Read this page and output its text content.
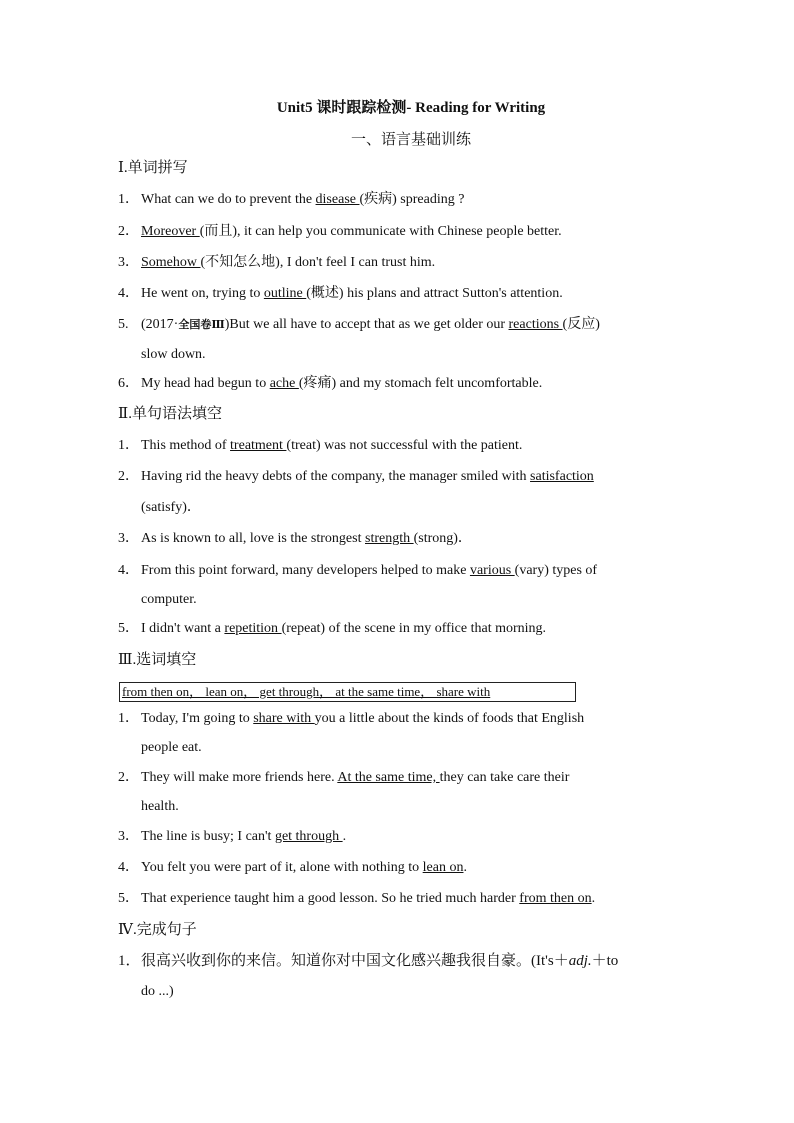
Unit5 课时跟踪检测- Reading for Writing
一、语言基础训练
Ⅰ.单词拼写
1． What can we do to prevent the disease (疾病) spreading ?
2． Moreover (而且), it can help you communicate with Chinese people better.
3． Somehow (不知怎么地), I don't feel I can trust him.
4． He went on, trying to outline (概述) his plans and attract Sutton's attention.
5.(2017·全国卷Ⅲ)But we all have to accept that as we get older our reactions (反应)
slow down.
6． My head had begun to ache (疼痛) and my stomach felt uncomfortable.
Ⅱ.单句语法填空
1． This method of treatment (treat) was not successful with the patient.
2． Having rid the heavy debts of the company, the manager smiled with satisfaction
(satisfy)．
3． As is known to all, love is the strongest strength (strong)．
4． From this point forward, many developers helped to make various (vary) types of
computer.
5． I didn't want a repetition (repeat) of the scene in my office that morning.
Ⅲ.选词填空
from then on， lean on， get through， at the same time， share with
1． Today, I'm going to share with you a little about the kinds of foods that English
people eat.
2． They will make more friends here. At the same time, they can take care their
health.
3． The line is busy; I can't get through .
4． You felt you were part of it, alone with nothing to lean on.
5． That experience taught him a good lesson. So he tried much harder from then on.
Ⅳ.完成句子
1．很高兴收到你的来信。知道你对中国文化感兴趣我很自豪。(It's＋adj.＋to
do ...)
